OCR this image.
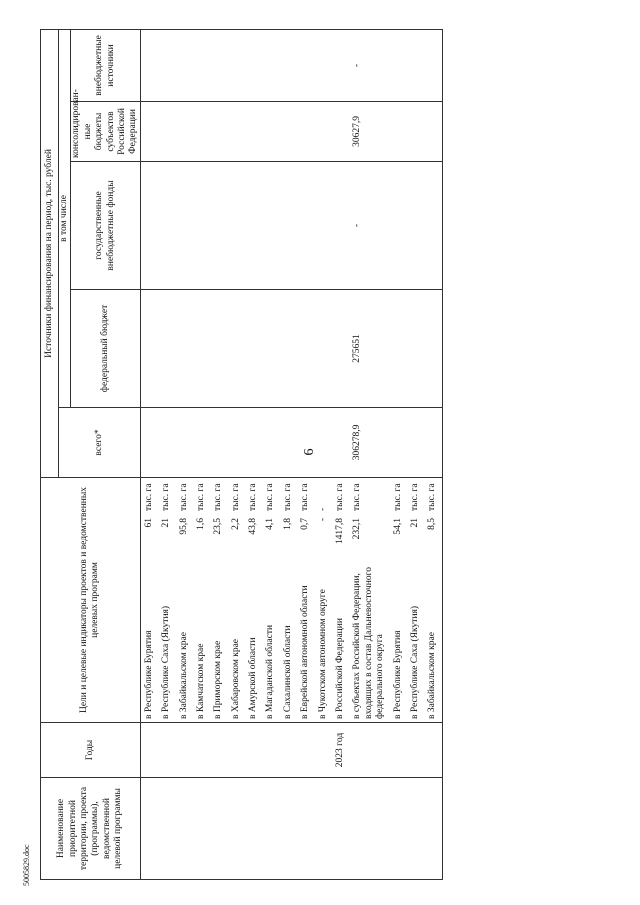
6
5005829.doc
Наименование приоритетной территории, проекта (программы), ведомственной целевой программы	Годы	Цели и целевые индикаторы проектов и ведомственных целевых программ			Источники финансирования на период, тыс. рублей				
					всего*	в том числе			
						федеральный бюджет	государственные внебюджетные фонды	консолидирован-ные бюджеты субъектов Российской Федерации	внебюджетные источники
		в Республике Бурятия	61	тыс. га					
		в Республике Саха (Якутия)	21	тыс. га					
		в Забайкальском крае	95,8	тыс. га					
		в Камчатском крае	1,6	тыс. га					
		в Приморском крае	23,5	тыс. га					
		в Хабаровском крае	2,2	тыс. га					
		в Амурской области	43,8	тыс. га					
		в Магаданской области	4,1	тыс. га					
		в Сахалинской области	1,8	тыс. га					
		в Еврейской автономной области	0,7	тыс. га					
		в Чукотском автономном округе	-	-					
	2023 год	в Российской Федерации	1417,8	тыс. га					
		в субъектах Российской Федерации, входящих в состав Дальневосточного федерального округа	232,1	тыс. га	306278,9	275651	-	30627,9	-
		в Республике Бурятия	54,1	тыс. га					
		в Республике Саха (Якутия)	21	тыс. га					
		в Забайкальском крае	8,5	тыс. га					
